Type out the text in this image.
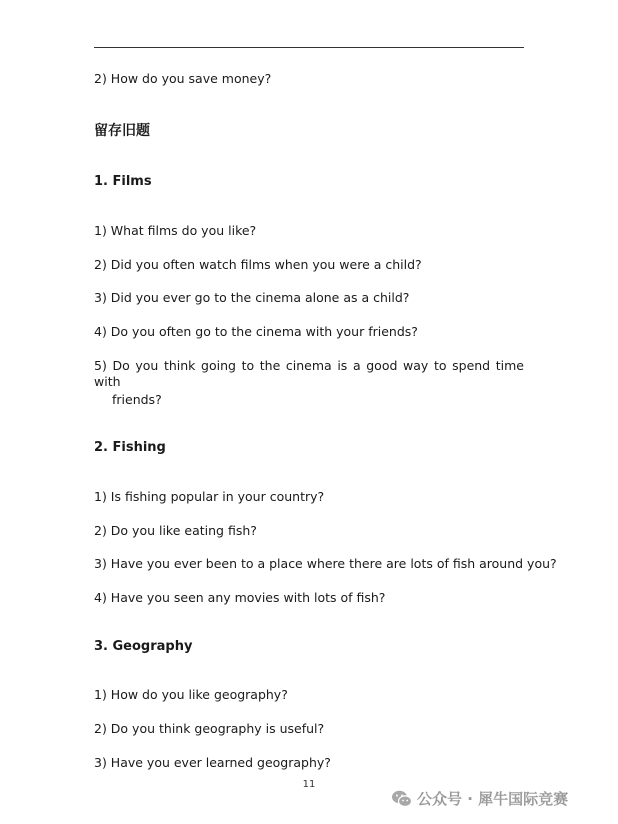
2) How do you save money?
留存旧题
1. Films
1) What films do you like?
2) Did you often watch films when you were a child?
3) Did you ever go to the cinema alone as a child?
4) Do you often go to the cinema with your friends?
5) Do you think going to the cinema is a good way to spend time with
friends?
2. Fishing
1) Is fishing popular in your country?
2) Do you like eating fish?
3) Have you ever been to a place where there are lots of fish around you?
4) Have you seen any movies with lots of fish?
3. Geography
1) How do you like geography?
2) Do you think geography is useful?
3) Have you ever learned geography?
11
公众号 · 犀牛国际竞赛
